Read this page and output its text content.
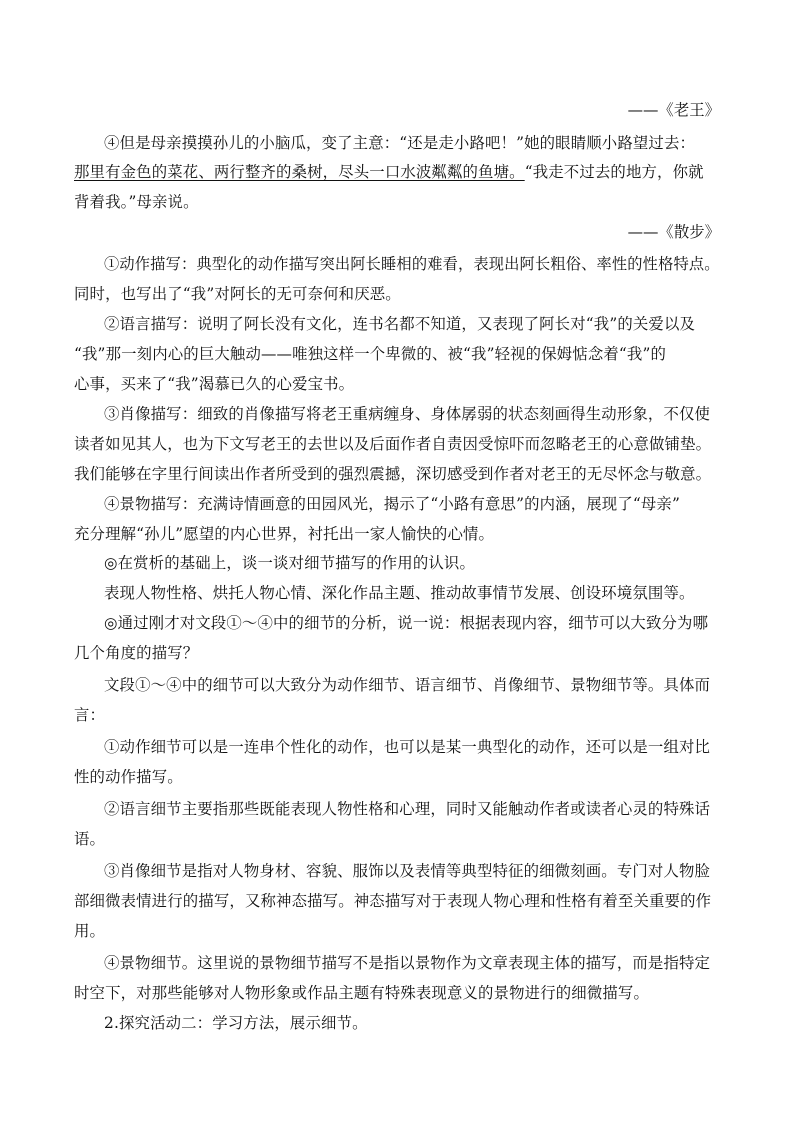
——《老王》
④但是母亲摸摸孙儿的小脑瓜，变了主意：“还是走小路吧！”她的眼睛顺小路望过去：
那里有金色的菜花、两行整齐的桑树，尽头一口水波粼粼的鱼塘。“我走不过去的地方，你就
背着我。”母亲说。
——《散步》
①动作描写：典型化的动作描写突出阿长睡相的难看，表现出阿长粗俗、率性的性格特点。
同时，也写出了“我”对阿长的无可奈何和厌恶。
②语言描写：说明了阿长没有文化，连书名都不知道，又表现了阿长对“我”的关爱以及
“我”那一刻内心的巨大触动——唯独这样一个卑微的、被“我”轻视的保姆惦念着“我”的
心事，买来了“我”渴慕已久的心爱宝书。
③肖像描写：细致的肖像描写将老王重病缠身、身体孱弱的状态刻画得生动形象，不仅使
读者如见其人，也为下文写老王的去世以及后面作者自责因受惊吓而忽略老王的心意做铺垫。
我们能够在字里行间读出作者所受到的强烈震撼，深切感受到作者对老王的无尽怀念与敬意。
④景物描写：充满诗情画意的田园风光，揭示了“小路有意思”的内涵，展现了“母亲”
充分理解“孙儿”愿望的内心世界，衬托出一家人愉快的心情。
◎在赏析的基础上，谈一谈对细节描写的作用的认识。
表现人物性格、烘托人物心情、深化作品主题、推动故事情节发展、创设环境氛围等。
◎通过刚才对文段①～④中的细节的分析，说一说：根据表现内容，细节可以大致分为哪
几个角度的描写？
文段①～④中的细节可以大致分为动作细节、语言细节、肖像细节、景物细节等。具体而
言：
①动作细节可以是一连串个性化的动作，也可以是某一典型化的动作，还可以是一组对比
性的动作描写。
②语言细节主要指那些既能表现人物性格和心理，同时又能触动作者或读者心灵的特殊话
语。
③肖像细节是指对人物身材、容貌、服饰以及表情等典型特征的细微刻画。专门对人物脸
部细微表情进行的描写，又称神态描写。神态描写对于表现人物心理和性格有着至关重要的作
用。
④景物细节。这里说的景物细节描写不是指以景物作为文章表现主体的描写，而是指特定
时空下，对那些能够对人物形象或作品主题有特殊表现意义的景物进行的细微描写。
2.探究活动二：学习方法，展示细节。
